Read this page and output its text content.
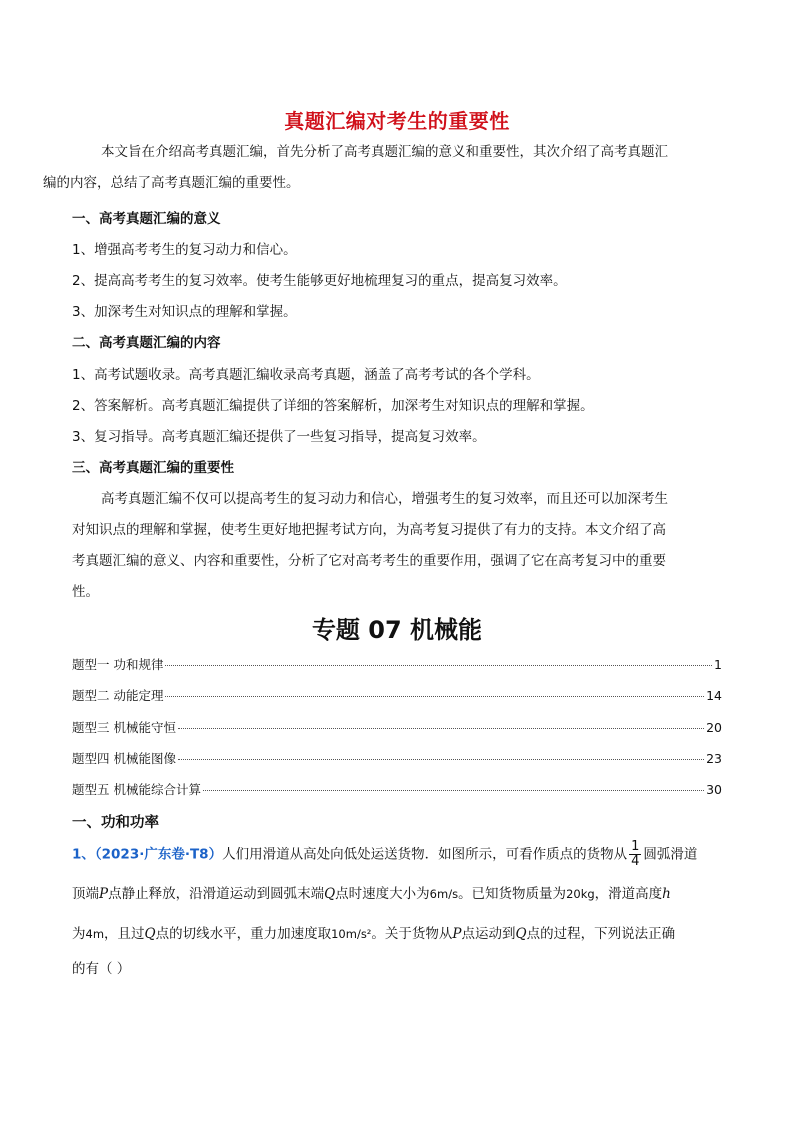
真题汇编对考生的重要性

本文旨在介绍高考真题汇编，首先分析了高考真题汇编的意义和重要性，其次介绍了高考真题汇
编的内容，总结了高考真题汇编的重要性。

一、高考真题汇编的意义
1、增强高考考生的复习动力和信心。
2、提高高考考生的复习效率。使考生能够更好地梳理复习的重点，提高复习效率。
3、加深考生对知识点的理解和掌握。
二、高考真题汇编的内容
1、高考试题收录。高考真题汇编收录高考真题，涵盖了高考考试的各个学科。
2、答案解析。高考真题汇编提供了详细的答案解析，加深考生对知识点的理解和掌握。
3、复习指导。高考真题汇编还提供了一些复习指导，提高复习效率。
三、高考真题汇编的重要性
高考真题汇编不仅可以提高考生的复习动力和信心，增强考生的复习效率，而且还可以加深考生
对知识点的理解和掌握，使考生更好地把握考试方向，为高考复习提供了有力的支持。本文介绍了高
考真题汇编的意义、内容和重要性，分析了它对高考考生的重要作用，强调了它在高考复习中的重要
性。
专题 07 机械能
题型一 功和规律	1
题型二 动能定理	14
题型三 机械能守恒	20
题型四 机械能图像	23
题型五 机械能综合计算	30
一、功和功率
1、（2023·广东卷·T8）人们用滑道从高处向低处运送货物．如图所示，可看作质点的货物从 $\frac{1}{4}$ 圆弧滑道
顶端P点静止释放，沿滑道运动到圆弧末端Q点时速度大小为6m/s。已知货物质量为20kg，滑道高度h
为4m，且过Q点的切线水平，重力加速度取10m/s²。关于货物从P点运动到Q点的过程，下列说法正确
的有（ ）
